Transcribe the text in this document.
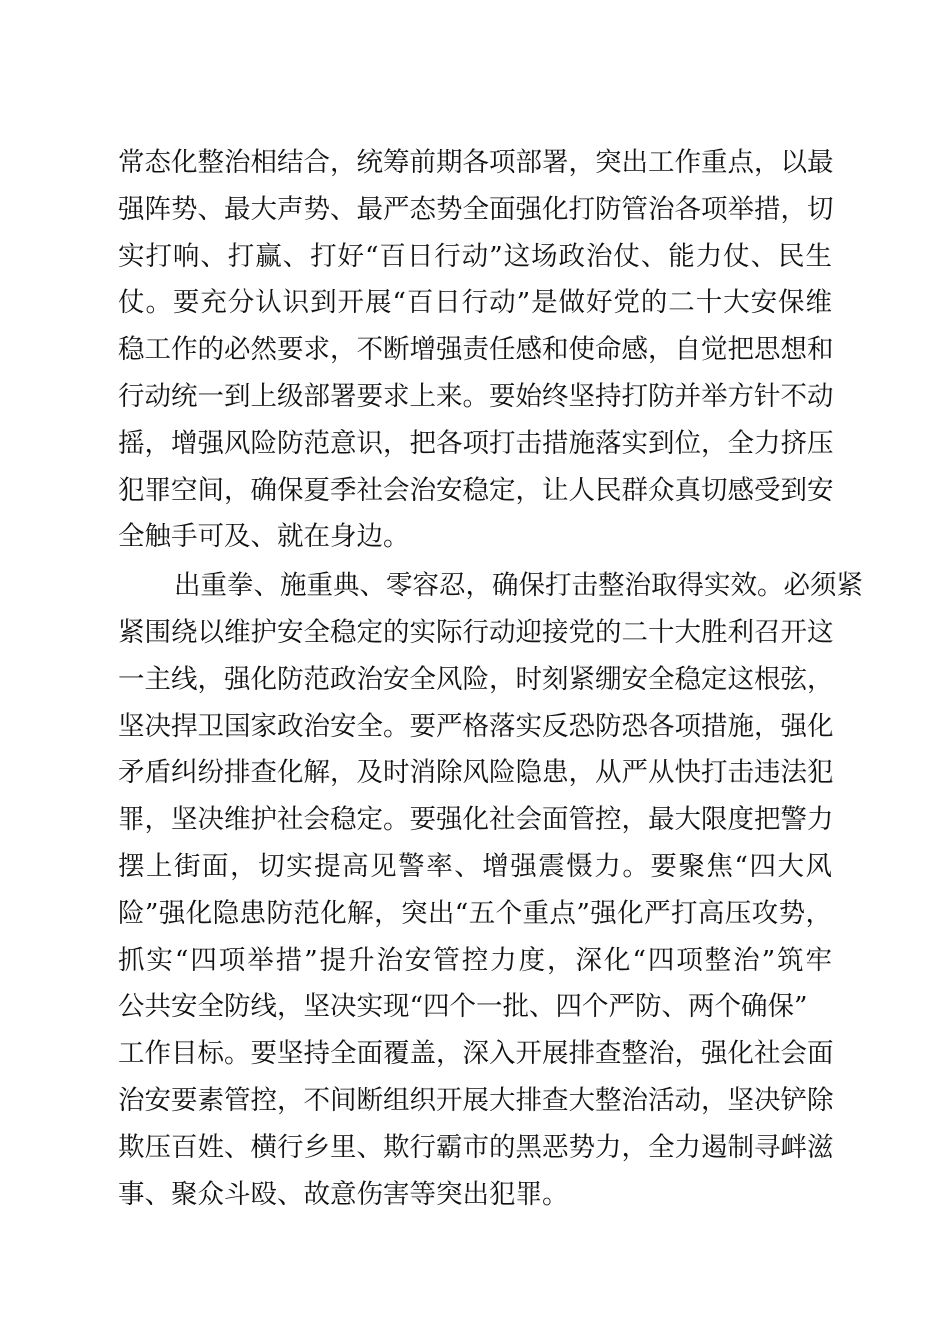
常态化整治相结合，统筹前期各项部署，突出工作重点，以最
强阵势、最大声势、最严态势全面强化打防管治各项举措，切
实打响、打赢、打好“百日行动”这场政治仗、能力仗、民生
仗。要充分认识到开展“百日行动”是做好党的二十大安保维
稳工作的必然要求，不断增强责任感和使命感，自觉把思想和
行动统一到上级部署要求上来。要始终坚持打防并举方针不动
摇，增强风险防范意识，把各项打击措施落实到位，全力挤压
犯罪空间，确保夏季社会治安稳定，让人民群众真切感受到安
全触手可及、就在身边。
出重拳、施重典、零容忍，确保打击整治取得实效。必须紧
紧围绕以维护安全稳定的实际行动迎接党的二十大胜利召开这
一主线，强化防范政治安全风险，时刻紧绷安全稳定这根弦，
坚决捍卫国家政治安全。要严格落实反恐防恐各项措施，强化
矛盾纠纷排查化解，及时消除风险隐患，从严从快打击违法犯
罪，坚决维护社会稳定。要强化社会面管控，最大限度把警力
摆上街面，切实提高见警率、增强震慑力。要聚焦“四大风
险”强化隐患防范化解，突出“五个重点”强化严打高压攻势，
抓实“四项举措”提升治安管控力度，深化“四项整治”筑牢
公共安全防线，坚决实现“四个一批、四个严防、两个确保”
工作目标。要坚持全面覆盖，深入开展排查整治，强化社会面
治安要素管控，不间断组织开展大排查大整治活动，坚决铲除
欺压百姓、横行乡里、欺行霸市的黑恶势力，全力遏制寻衅滋
事、聚众斗殴、故意伤害等突出犯罪。
